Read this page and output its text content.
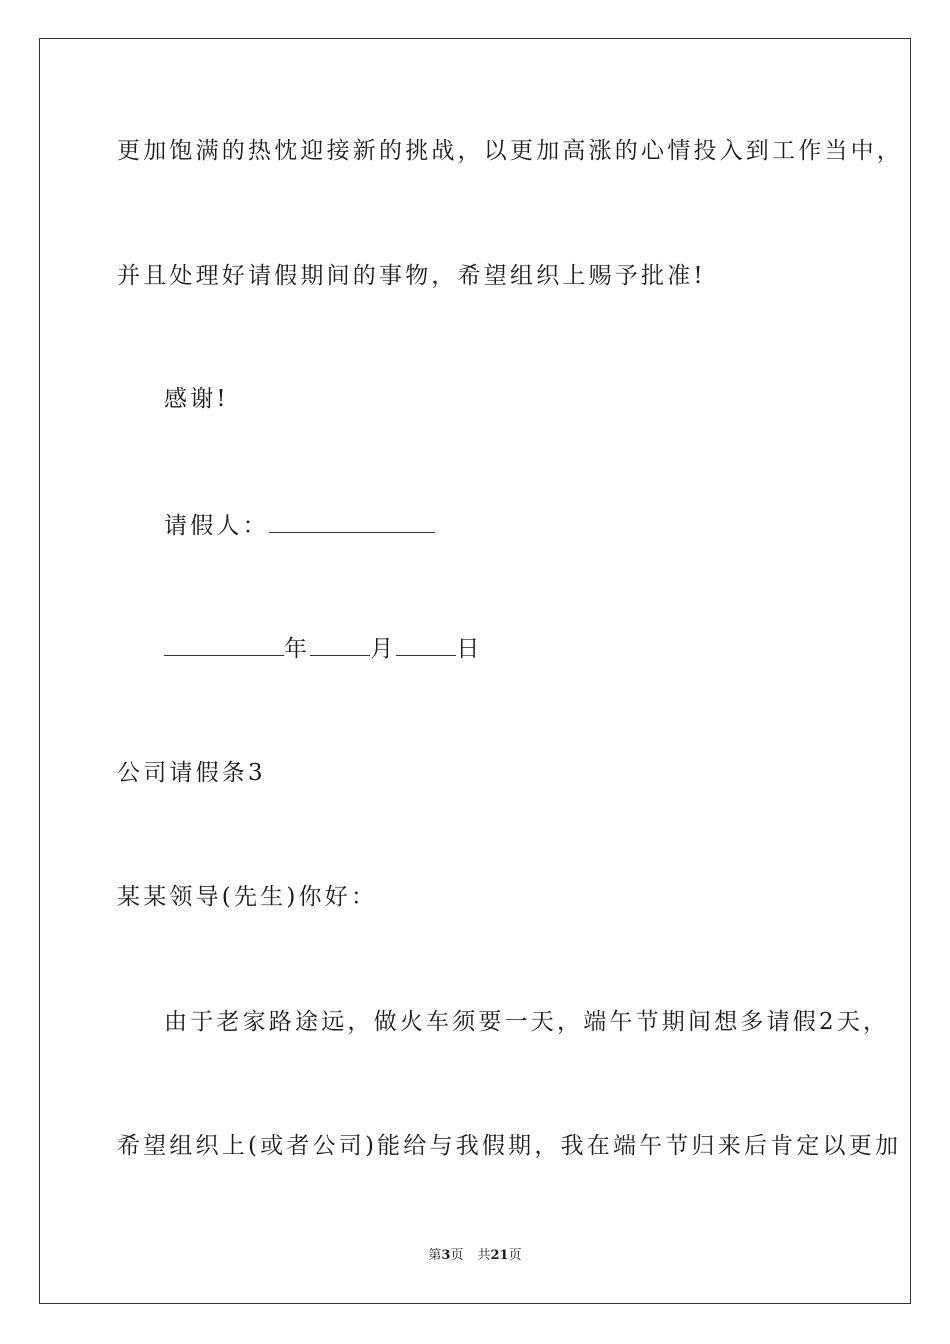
更加饱满的热忱迎接新的挑战，以更加高涨的心情投入到工作当中，
并且处理好请假期间的事物，希望组织上赐予批准!
感谢!
请假人：
年	月	日
公司请假条3
某某领导(先生)你好：
由于老家路途远，做火车须要一天，端午节期间想多请假2天，
希望组织上(或者公司)能给与我假期，我在端午节归来后肯定以更加
第3页 共21页
